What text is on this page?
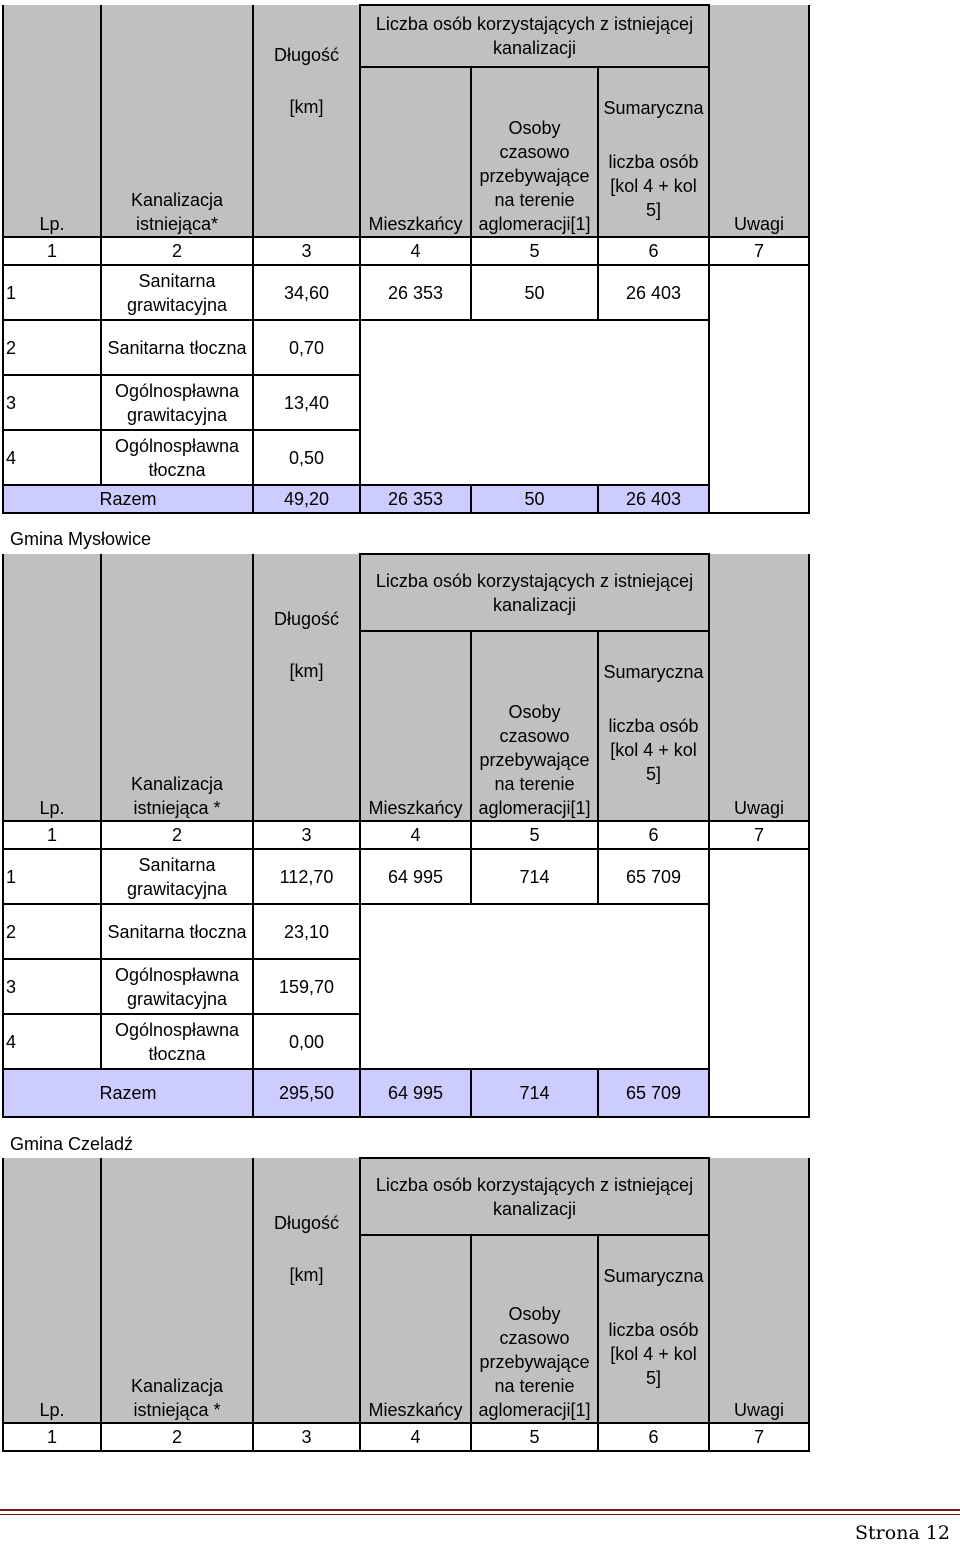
Lp.	Kanalizacja istniejąca*	Długość	Liczba osób korzystających z istniejącej kanalizacji			Uwagi
		[km]	Mieszkańcy	Osoby czasowo przebywające na terenie aglomeracji[1]	Sumaryczna
liczba osób
[kol 4 + kol 5]	

1	2	3	4	5	6	7
1	Sanitarna grawitacyjna	34,60	26 353	50	26 403	
2	Sanitarna tłoczna	0,70				
3	Ogólnospławna grawitacyjna	13,40				
4	Ogólnospławna tłoczna	0,50				
Razem		49,20	26 353	50	26 403	
Gmina Mysłowice
Lp.	Kanalizacja istniejąca *	Długość	Liczba osób korzystających z istniejącej kanalizacji			Uwagi
		[km]	Mieszkańcy	Osoby czasowo przebywające na terenie aglomeracji[1]	Sumaryczna
liczba osób
[kol 4 + kol 5]	

1	2	3	4	5	6	7
1	Sanitarna grawitacyjna	112,70	64 995	714	65 709	
2	Sanitarna tłoczna	23,10				
3	Ogólnospławna grawitacyjna	159,70				
4	Ogólnospławna tłoczna	0,00				
Razem		295,50	64 995	714	65 709	
Gmina Czeladź
Lp.	Kanalizacja istniejąca *	Długość	Liczba osób korzystających z istniejącej kanalizacji			Uwagi
		[km]	Mieszkańcy	Osoby czasowo przebywające na terenie aglomeracji[1]	Sumaryczna
liczba osób
[kol 4 + kol 5]	

1	2	3	4	5	6	7
Strona 12
